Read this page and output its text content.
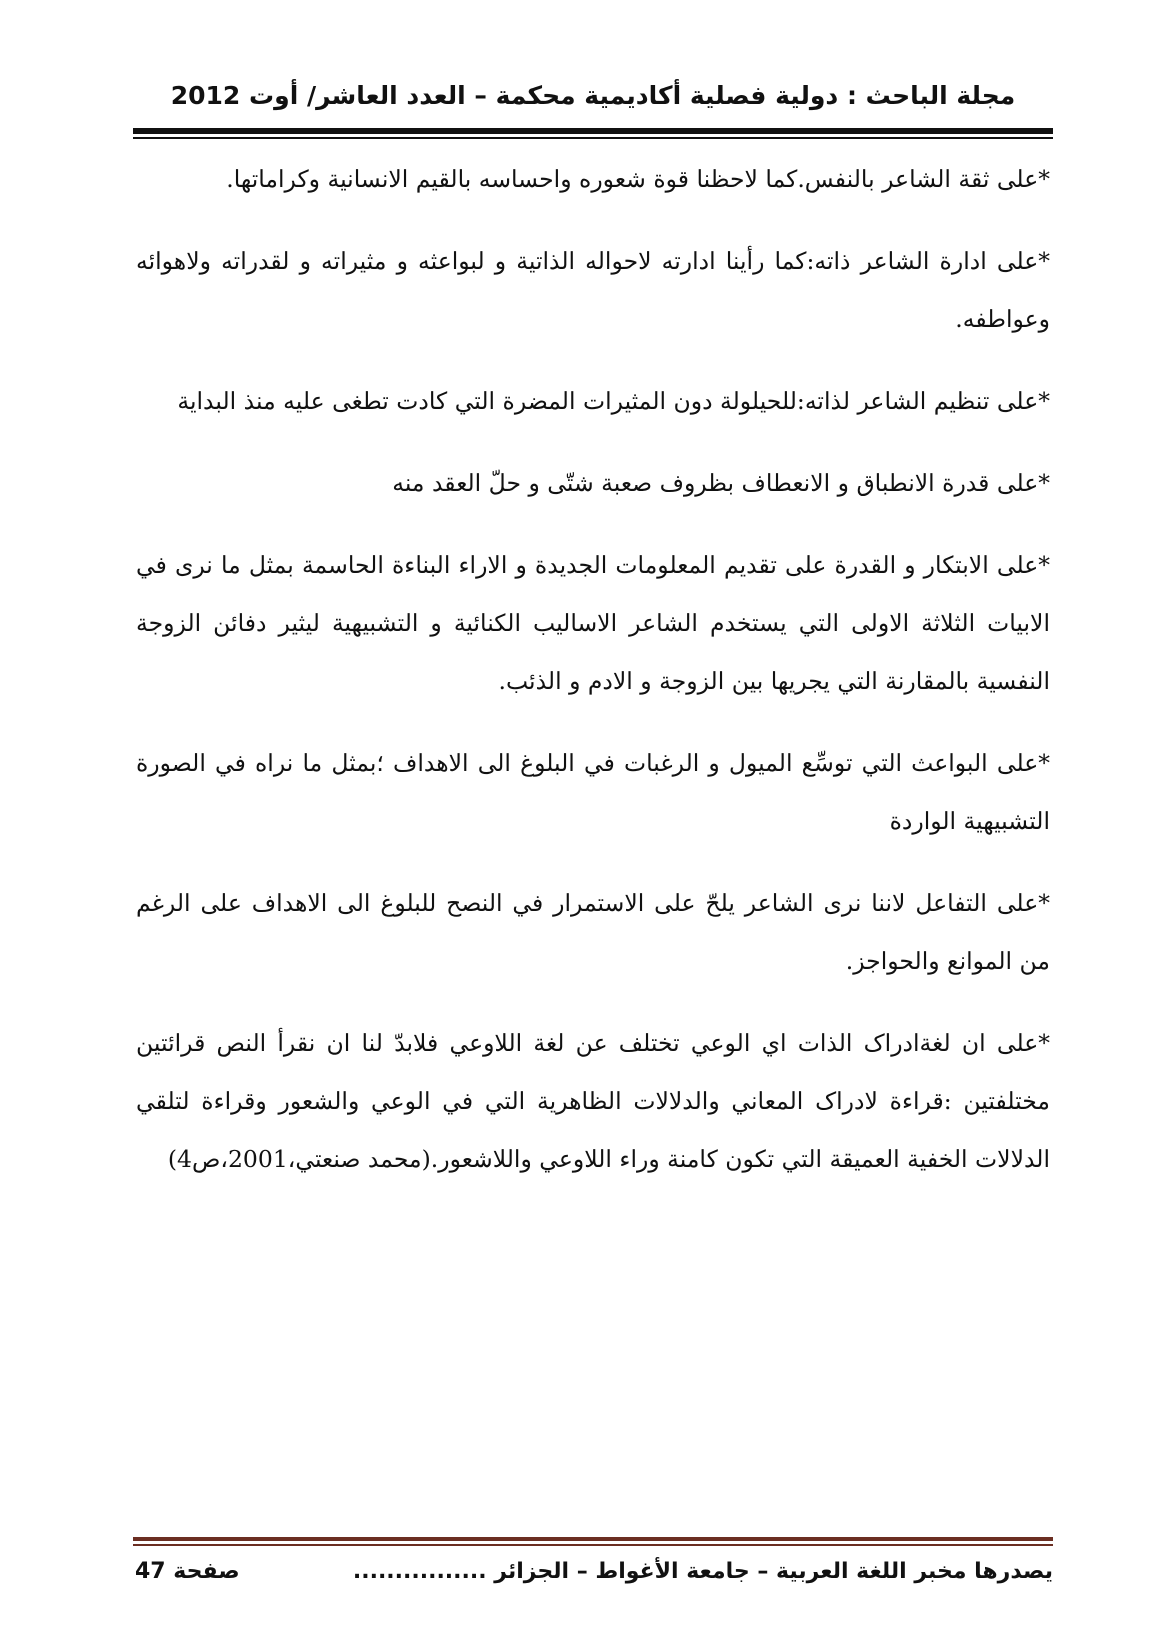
مجلة الباحث : دولية فصلية أكاديمية محكمة – العدد العاشر/ أوت 2012

*على ثقة الشاعر بالنفس.كما لاحظنا قوة شعوره واحساسه بالقيم الانسانية وكراماتها.

*على ادارة الشاعر ذاته:كما رأينا ادارته لاحواله الذاتية و لبواعثه و مثيراته و لقدراته ولاهوائه وعواطفه.

*على تنظيم الشاعر لذاته:للحيلولة دون المثيرات المضرة التي كادت تطغى عليه منذ البداية

*على قدرة الانطباق و الانعطاف بظروف صعبة شتّى و حلّ العقد منه

*على الابتكار و القدرة على تقديم المعلومات الجديدة و الاراء البناءة الحاسمة بمثل ما نرى في الابيات الثلاثة الاولى التي يستخدم الشاعر الاساليب الكنائية و التشبيهية ليثير دفائن الزوجة النفسية بالمقارنة التي يجريها بين الزوجة و الادم و الذئب.

*على البواعث التي توسِّع الميول و الرغبات في البلوغ الى الاهداف ؛بمثل ما نراه في الصورة التشبيهية الواردة

*على التفاعل لاننا نرى الشاعر يلحّ على الاستمرار في النصح للبلوغ الى الاهداف على الرغم من الموانع والحواجز.

*على ان لغةادراک الذات اي الوعي تختلف عن لغة اللاوعي فلابدّ لنا ان نقرأ النص قرائتين مختلفتين :قراءة لادراک المعاني والدلالات الظاهرية التي في الوعي والشعور وقراءة لتلقي الدلالات الخفية العميقة التي تكون كامنة وراء اللاوعي واللاشعور.(محمد صنعتي،2001،ص4)

يصدرها مخبر اللغة العربية – جامعة الأغواط – الجزائر ................
صفحة 47
